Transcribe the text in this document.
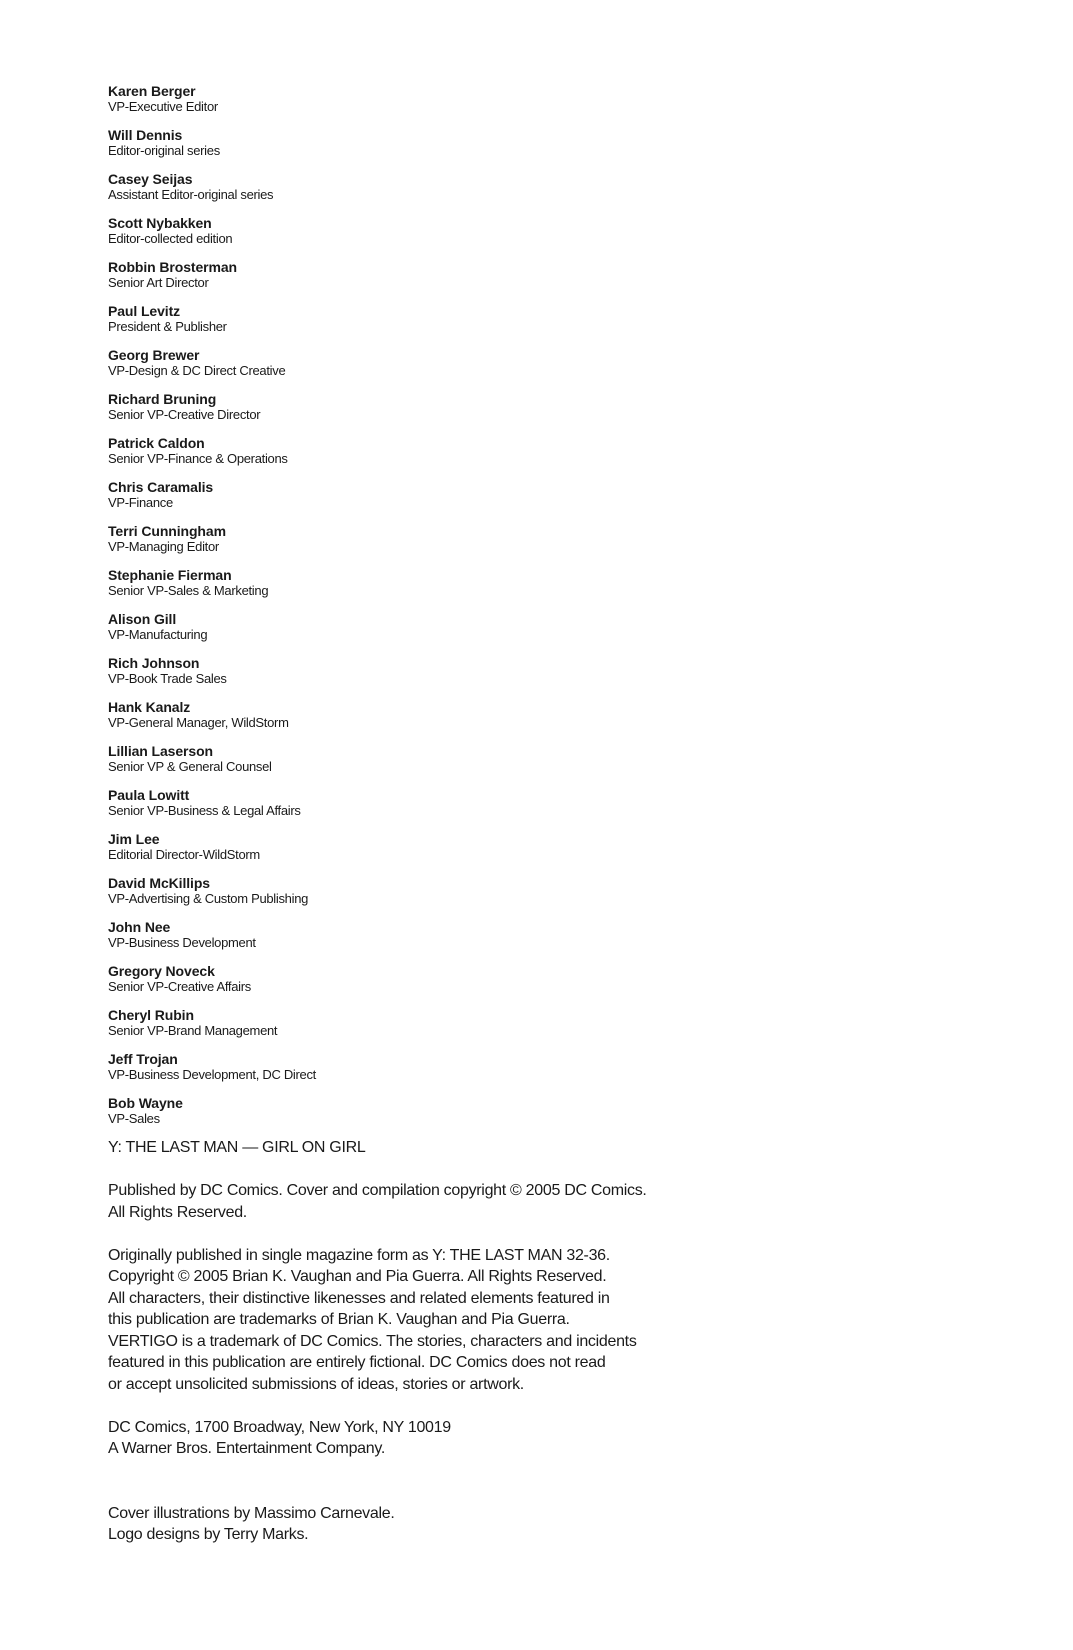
Karen Berger
VP-Executive Editor
Will Dennis
Editor-original series
Casey Seijas
Assistant Editor-original series
Scott Nybakken
Editor-collected edition
Robbin Brosterman
Senior Art Director
Paul Levitz
President & Publisher
Georg Brewer
VP-Design & DC Direct Creative
Richard Bruning
Senior VP-Creative Director
Patrick Caldon
Senior VP-Finance & Operations
Chris Caramalis
VP-Finance
Terri Cunningham
VP-Managing Editor
Stephanie Fierman
Senior VP-Sales & Marketing
Alison Gill
VP-Manufacturing
Rich Johnson
VP-Book Trade Sales
Hank Kanalz
VP-General Manager, WildStorm
Lillian Laserson
Senior VP & General Counsel
Paula Lowitt
Senior VP-Business & Legal Affairs
Jim Lee
Editorial Director-WildStorm
David McKillips
VP-Advertising & Custom Publishing
John Nee
VP-Business Development
Gregory Noveck
Senior VP-Creative Affairs
Cheryl Rubin
Senior VP-Brand Management
Jeff Trojan
VP-Business Development, DC Direct
Bob Wayne
VP-Sales

Y: THE LAST MAN — GIRL ON GIRL

Published by DC Comics. Cover and compilation copyright © 2005 DC Comics.

All Rights Reserved.

Originally published in single magazine form as Y: THE LAST MAN 32-36.

Copyright © 2005 Brian K. Vaughan and Pia Guerra. All Rights Reserved.

All characters, their distinctive likenesses and related elements featured in

this publication are trademarks of Brian K. Vaughan and Pia Guerra.

VERTIGO is a trademark of DC Comics. The stories, characters and incidents

featured in this publication are entirely fictional. DC Comics does not read

or accept unsolicited submissions of ideas, stories or artwork.

DC Comics, 1700 Broadway, New York, NY 10019

A Warner Bros. Entertainment Company.

Cover illustrations by Massimo Carnevale.

Logo designs by Terry Marks.
